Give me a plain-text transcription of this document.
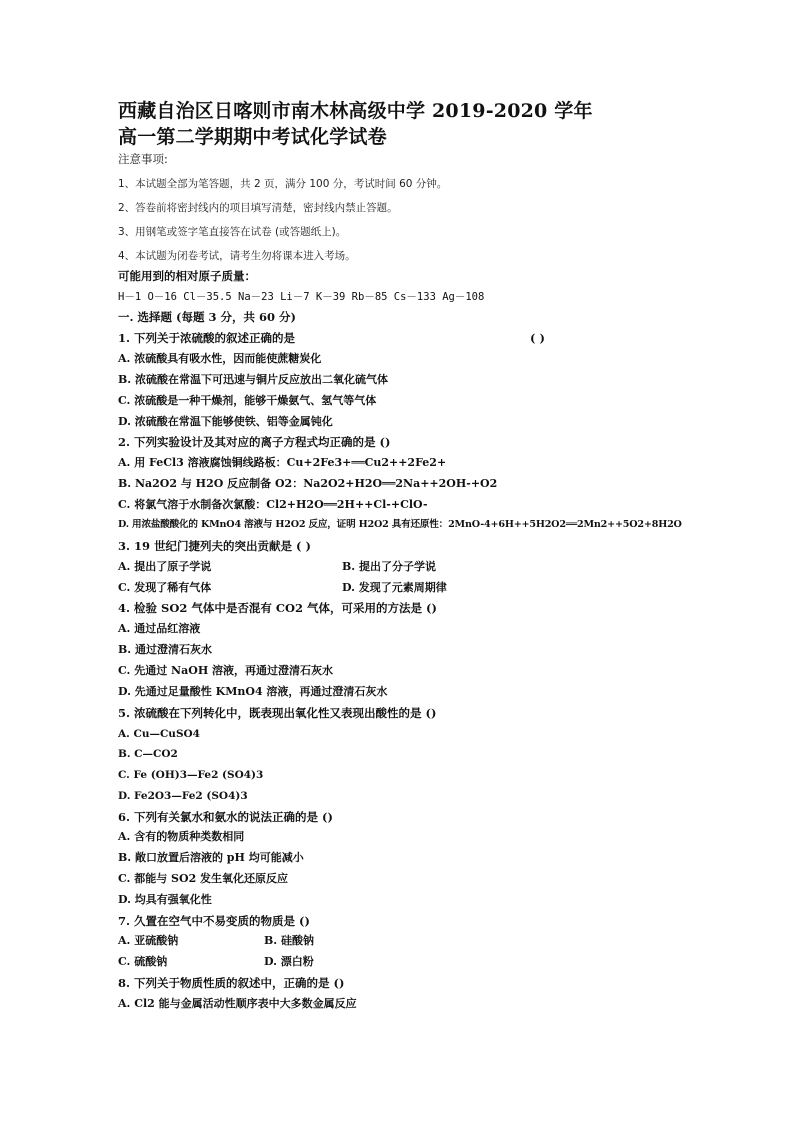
西藏自治区日喀则市南木林高级中学 2019-2020 学年
高一第二学期期中考试化学试卷
注意事项:
1、本试题全部为笔答题，共 2 页，满分 100 分，考试时间 60 分钟。
2、答卷前将密封线内的项目填写清楚，密封线内禁止答题。
3、用钢笔或签字笔直接答在试卷 (或答题纸上)。
4、本试题为闭卷考试，请考生勿将课本进入考场。
可能用到的相对原子质量：
H－1 O－16 Cl－35.5 Na－23 Li－7 K－39 Rb－85 Cs－133 Ag－108
一. 选择题 (每题 3 分，共 60 分)
1. 下列关于浓硫酸的叙述正确的是	( )
A. 浓硫酸具有吸水性，因而能使蔗糖炭化
B. 浓硫酸在常温下可迅速与铜片反应放出二氧化硫气体
C. 浓硫酸是一种干燥剂，能够干燥氨气、氢气等气体
D. 浓硫酸在常温下能够使铁、铝等金属钝化
2. 下列实验设计及其对应的离子方程式均正确的是 ()
A. 用 FeCl3 溶液腐蚀铜线路板：Cu+2Fe3+══Cu2++2Fe2+
B. Na2O2 与 H2O 反应制备 O2：Na2O2+H2O══2Na++2OH-+O2
C. 将氯气溶于水制备次氯酸：Cl2+H2O══2H++Cl-+ClO-
D. 用浓盐酸酸化的 KMnO4 溶液与 H2O2 反应，证明 H2O2 具有还原性：2MnO-4+6H++5H2O2══2Mn2++5O2+8H2O
3. 19 世纪门捷列夫的突出贡献是 ( )
A. 提出了原子学说	B. 提出了分子学说
C. 发现了稀有气体	D. 发现了元素周期律
4. 检验 SO2 气体中是否混有 CO2 气体，可采用的方法是 ()
A. 通过品红溶液
B. 通过澄清石灰水
C. 先通过 NaOH 溶液，再通过澄清石灰水
D. 先通过足量酸性 KMnO4 溶液，再通过澄清石灰水
5. 浓硫酸在下列转化中，既表现出氧化性又表现出酸性的是 ()
A. Cu—CuSO4
B. C—CO2
C. Fe (OH)3—Fe2 (SO4)3
D. Fe2O3—Fe2 (SO4)3
6. 下列有关氯水和氨水的说法正确的是 ()
A. 含有的物质种类数相同
B. 敞口放置后溶液的 pH 均可能减小
C. 都能与 SO2 发生氧化还原反应
D. 均具有强氧化性
7. 久置在空气中不易变质的物质是 ()
A. 亚硫酸钠	B. 硅酸钠
C. 硫酸钠	D. 漂白粉
8. 下列关于物质性质的叙述中，正确的是 ()
A. Cl2 能与金属活动性顺序表中大多数金属反应
